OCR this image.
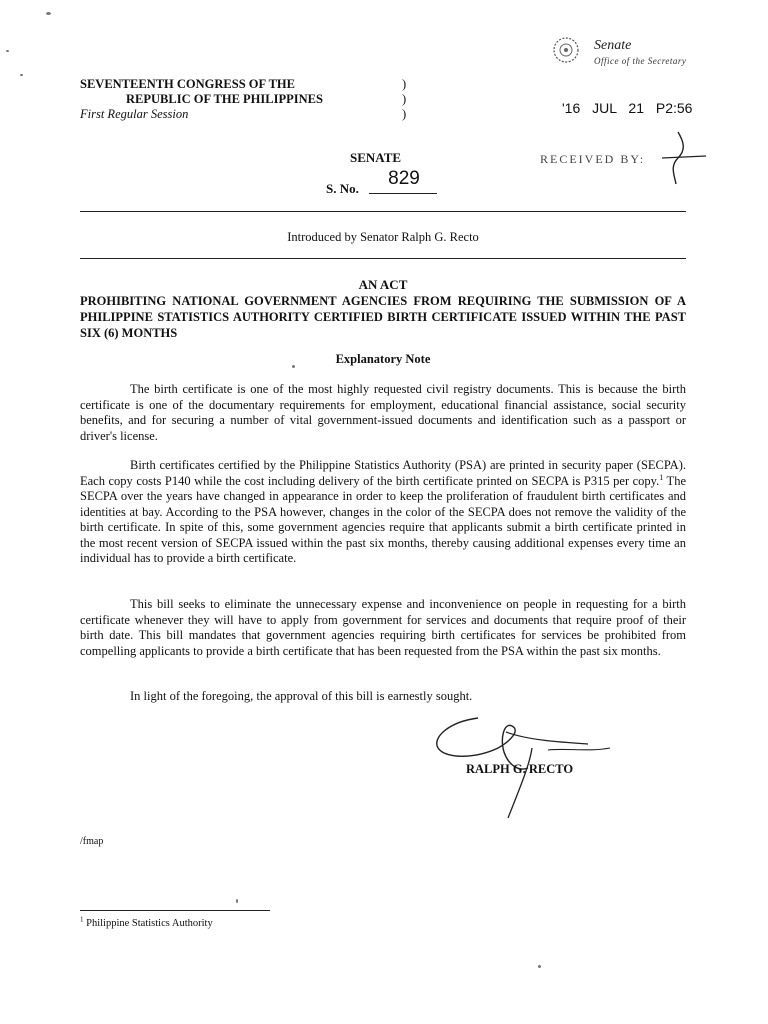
SEVENTEENTH CONGRESS OF THE
REPUBLIC OF THE PHILIPPINES
First Regular Session
)
)
)
Senate
Office of the Secretary
'16 JUL 21 P2:56
RECEIVED BY:
SENATE
S. No.	829
Introduced by Senator Ralph G. Recto
AN ACT
PROHIBITING NATIONAL GOVERNMENT AGENCIES FROM REQUIRING THE SUBMISSION OF A PHILIPPINE STATISTICS AUTHORITY CERTIFIED BIRTH CERTIFICATE ISSUED WITHIN THE PAST SIX (6) MONTHS
Explanatory Note
The birth certificate is one of the most highly requested civil registry documents. This is because the birth certificate is one of the documentary requirements for employment, educational financial assistance, social security benefits, and for securing a number of vital government-issued documents and identification such as a passport or driver's license.
Birth certificates certified by the Philippine Statistics Authority (PSA) are printed in security paper (SECPA). Each copy costs P140 while the cost including delivery of the birth certificate printed on SECPA is P315 per copy.$^1$ The SECPA over the years have changed in appearance in order to keep the proliferation of fraudulent birth certificates and identities at bay. According to the PSA however, changes in the color of the SECPA does not remove the validity of the birth certificate. In spite of this, some government agencies require that applicants submit a birth certificate printed in the most recent version of SECPA issued within the past six months, thereby causing additional expenses every time an individual has to provide a birth certificate.
This bill seeks to eliminate the unnecessary expense and inconvenience on people in requesting for a birth certificate whenever they will have to apply from government for services and documents that require proof of their birth date. This bill mandates that government agencies requiring birth certificates for services be prohibited from compelling applicants to provide a birth certificate that has been requested from the PSA within the past six months.
In light of the foregoing, the approval of this bill is earnestly sought.
RALPH G. RECTO
/fmap
$^1$ Philippine Statistics Authority
